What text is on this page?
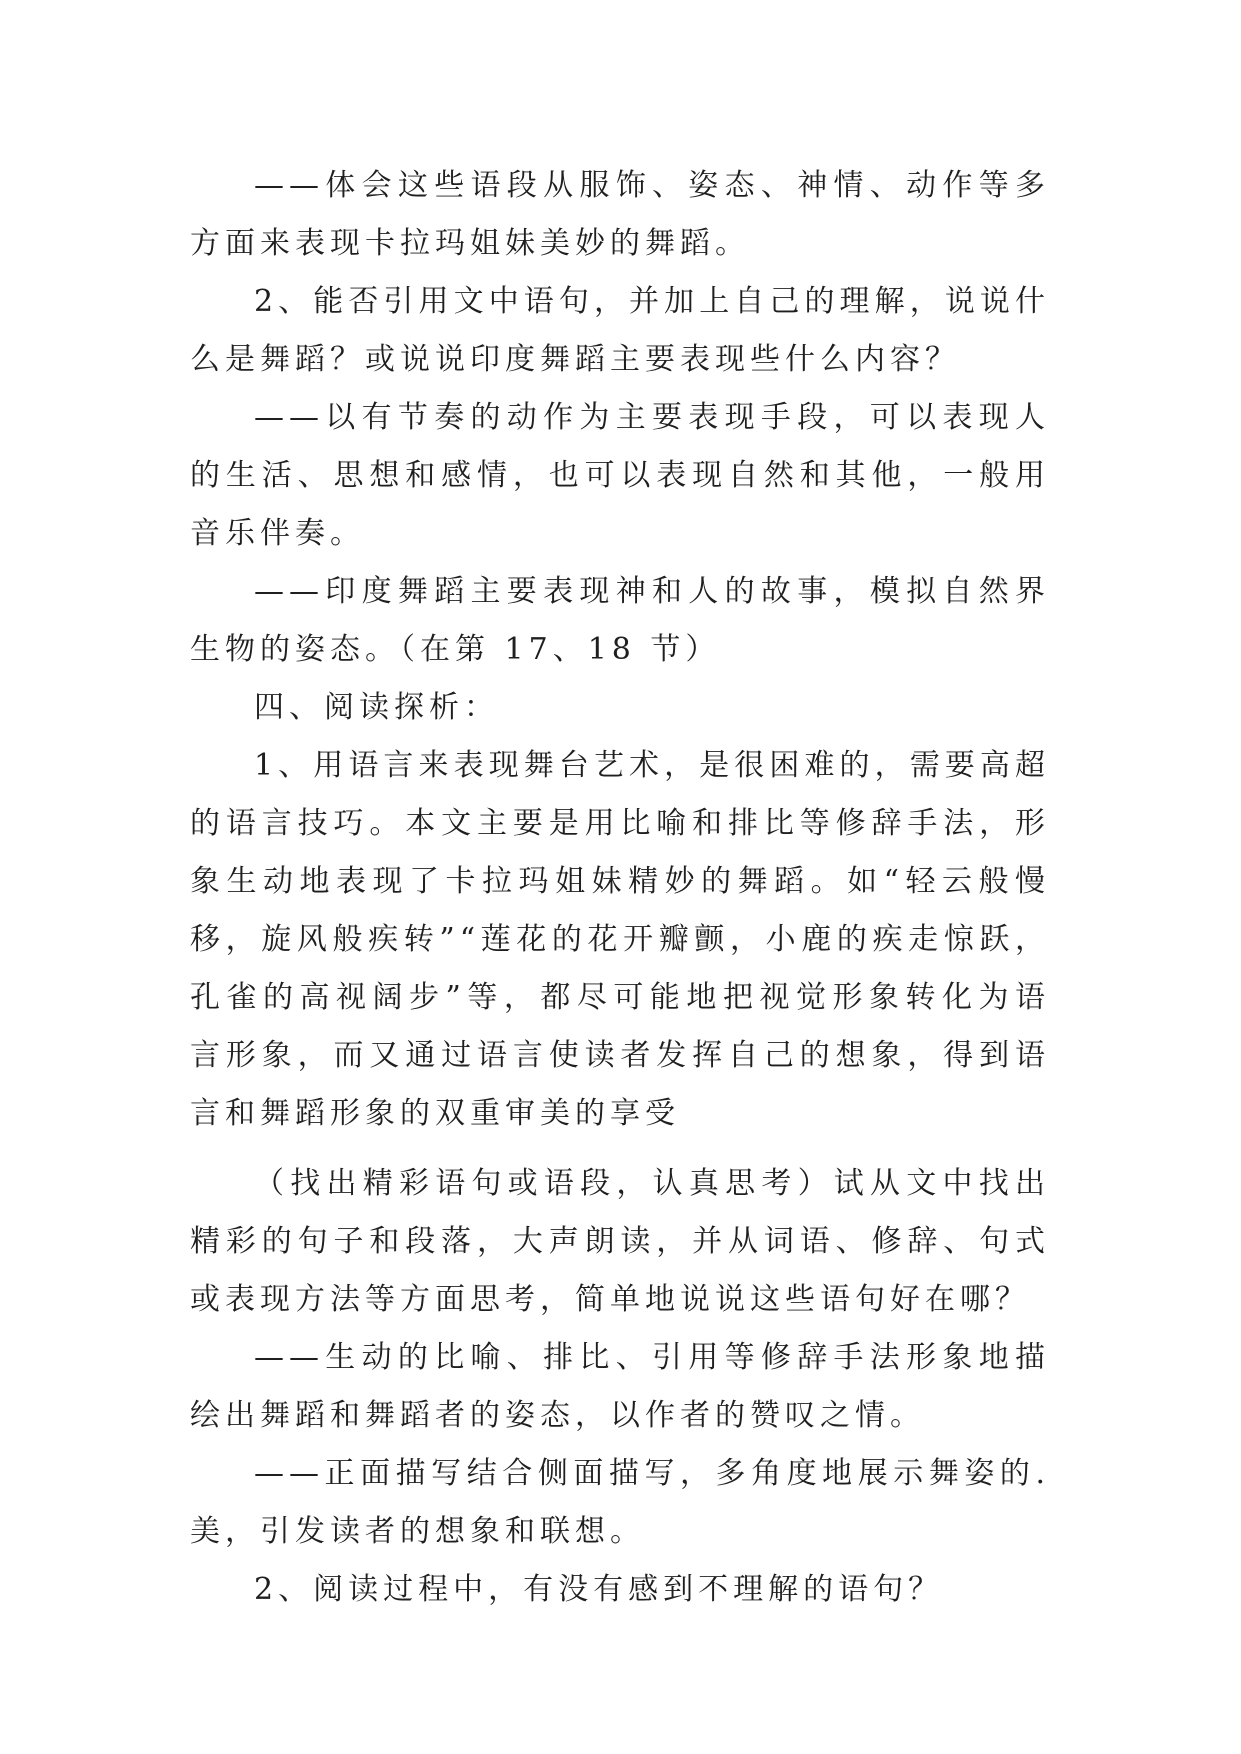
——体会这些语段从服饰、姿态、神情、动作等多方面来表现卡拉玛姐妹美妙的舞蹈。

2、能否引用文中语句，并加上自己的理解，说说什么是舞蹈？或说说印度舞蹈主要表现些什么内容？

——以有节奏的动作为主要表现手段，可以表现人的生活、思想和感情，也可以表现自然和其他，一般用音乐伴奏。

——印度舞蹈主要表现神和人的故事，模拟自然界生物的姿态。（在第 17、18 节）

四、阅读探析：

1、用语言来表现舞台艺术，是很困难的，需要高超的语言技巧。本文主要是用比喻和排比等修辞手法，形象生动地表现了卡拉玛姐妹精妙的舞蹈。如“轻云般慢移，旋风般疾转”“莲花的花开瓣颤，小鹿的疾走惊跃，孔雀的高视阔步”等，都尽可能地把视觉形象转化为语言形象，而又通过语言使读者发挥自己的想象，得到语言和舞蹈形象的双重审美的享受

（找出精彩语句或语段，认真思考）试从文中找出精彩的句子和段落，大声朗读，并从词语、修辞、句式或表现方法等方面思考，简单地说说这些语句好在哪？

——生动的比喻、排比、引用等修辞手法形象地描绘出舞蹈和舞蹈者的姿态，以作者的赞叹之情。

——正面描写结合侧面描写，多角度地展示舞姿的.美，引发读者的想象和联想。

2、阅读过程中，有没有感到不理解的语句？
